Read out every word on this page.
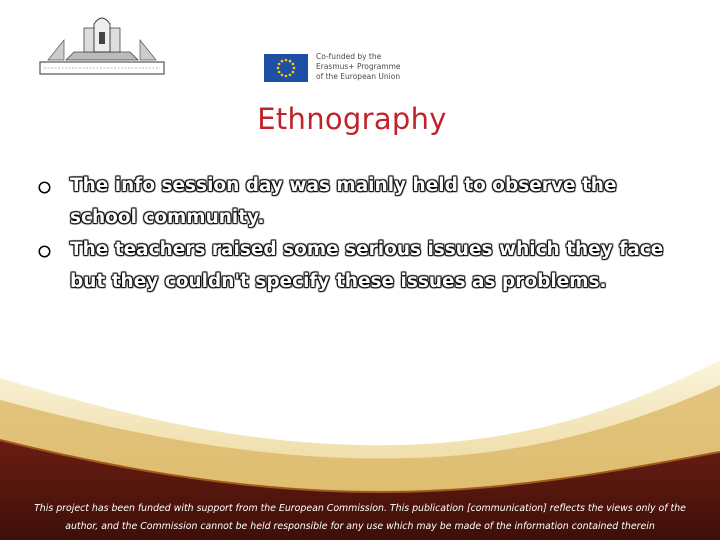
Co-funded by the
Erasmus+ Programme
of the European Union
Ethnography
The info session day was mainly held to observe the school community.
The teachers raised some serious issues which they face but they couldn't specify these issues as problems.
This project has been funded with support from the European Commission. This publication [communication] reflects the views only of the
author, and the Commission cannot be held responsible for any use which may be made of the information contained therein
